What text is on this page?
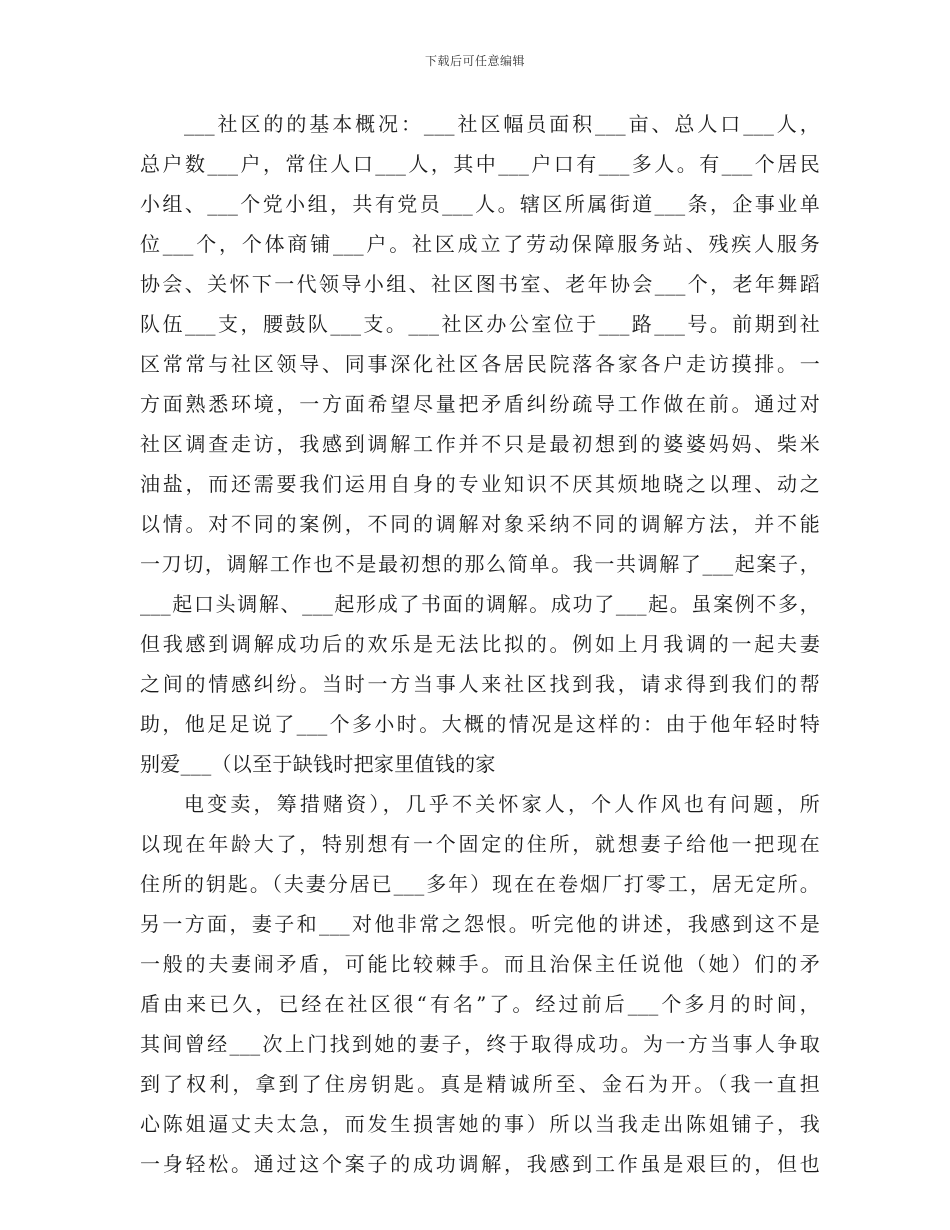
下载后可任意编辑
___社区的的基本概况：___社区幅员面积___亩、总人口___人，
总户数___户，常住人口___人，其中___户口有___多人。有___个居民
小组、___个党小组，共有党员___人。辖区所属街道___条，企事业单
位___个，个体商铺___户。社区成立了劳动保障服务站、残疾人服务
协会、关怀下一代领导小组、社区图书室、老年协会___个，老年舞蹈
队伍___支，腰鼓队___支。___社区办公室位于___路___号。前期到社
区常常与社区领导、同事深化社区各居民院落各家各户走访摸排。一
方面熟悉环境，一方面希望尽量把矛盾纠纷疏导工作做在前。通过对
社区调查走访，我感到调解工作并不只是最初想到的婆婆妈妈、柴米
油盐，而还需要我们运用自身的专业知识不厌其烦地晓之以理、动之
以情。对不同的案例，不同的调解对象采纳不同的调解方法，并不能
一刀切，调解工作也不是最初想的那么简单。我一共调解了___起案子，
___起口头调解、___起形成了书面的调解。成功了___起。虽案例不多，
但我感到调解成功后的欢乐是无法比拟的。例如上月我调的一起夫妻
之间的情感纠纷。当时一方当事人来社区找到我，请求得到我们的帮
助，他足足说了___个多小时。大概的情况是这样的：由于他年轻时特
别爱___（以至于缺钱时把家里值钱的家
电变卖，筹措赌资），几乎不关怀家人，个人作风也有问题，所
以现在年龄大了，特别想有一个固定的住所，就想妻子给他一把现在
住所的钥匙。（夫妻分居已___多年）现在在卷烟厂打零工，居无定所。
另一方面，妻子和___对他非常之怨恨。听完他的讲述，我感到这不是
一般的夫妻闹矛盾，可能比较棘手。而且治保主任说他（她）们的矛
盾由来已久，已经在社区很“有名”了。经过前后___个多月的时间，
其间曾经___次上门找到她的妻子，终于取得成功。为一方当事人争取
到了权利，拿到了住房钥匙。真是精诚所至、金石为开。（我一直担
心陈姐逼丈夫太急，而发生损害她的事）所以当我走出陈姐铺子，我
一身轻松。通过这个案子的成功调解，我感到工作虽是艰巨的，但也
